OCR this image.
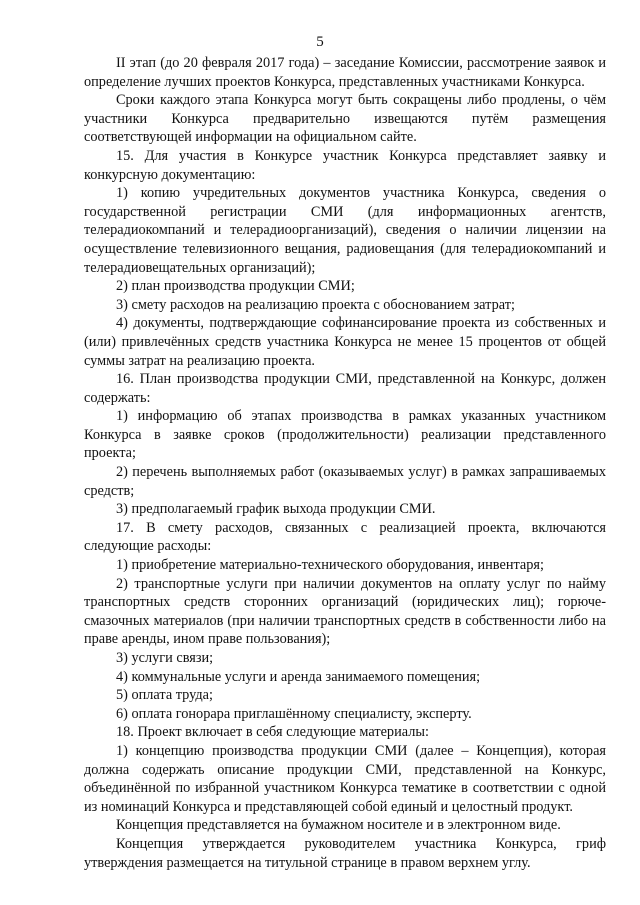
5

II этап (до 20 февраля 2017 года) – заседание Комиссии, рассмотрение заявок и определение лучших проектов Конкурса, представленных участниками Конкурса.

Сроки каждого этапа Конкурса могут быть сокращены либо продлены, о чём участники Конкурса предварительно извещаются путём размещения соответствующей информации на официальном сайте.

15. Для участия в Конкурсе участник Конкурса представляет заявку и конкурсную документацию:

1) копию учредительных документов участника Конкурса, сведения о государственной регистрации СМИ (для информационных агентств, телерадиокомпаний и телерадиоорганизаций), сведения о наличии лицензии на осуществление телевизионного вещания, радиовещания (для телерадиокомпаний и телерадиовещательных организаций);

2) план производства продукции СМИ;

3) смету расходов на реализацию проекта с обоснованием затрат;

4) документы, подтверждающие софинансирование проекта из собственных и (или) привлечённых средств участника Конкурса не менее 15 процентов от общей суммы затрат на реализацию проекта.

16. План производства продукции СМИ, представленной на Конкурс, должен содержать:

1) информацию об этапах производства в рамках указанных участником Конкурса в заявке сроков (продолжительности) реализации представленного проекта;

2) перечень выполняемых работ (оказываемых услуг) в рамках запрашиваемых средств;

3) предполагаемый график выхода продукции СМИ.

17. В смету расходов, связанных с реализацией проекта, включаются следующие расходы:

1) приобретение материально-технического оборудования, инвентаря;

2) транспортные услуги при наличии документов на оплату услуг по найму транспортных средств сторонних организаций (юридических лиц); горюче-смазочных материалов (при наличии транспортных средств в собственности либо на праве аренды, ином праве пользования);

3) услуги связи;

4) коммунальные услуги и аренда занимаемого помещения;

5) оплата труда;

6) оплата гонорара приглашённому специалисту, эксперту.

18. Проект включает в себя следующие материалы:

1) концепцию производства продукции СМИ (далее – Концепция), которая должна содержать описание продукции СМИ, представленной на Конкурс, объединённой по избранной участником Конкурса тематике в соответствии с одной из номинаций Конкурса и представляющей собой единый и целостный продукт.

Концепция представляется на бумажном носителе и в электронном виде.

Концепция утверждается руководителем участника Конкурса, гриф утверждения размещается на титульной странице в правом верхнем углу.
